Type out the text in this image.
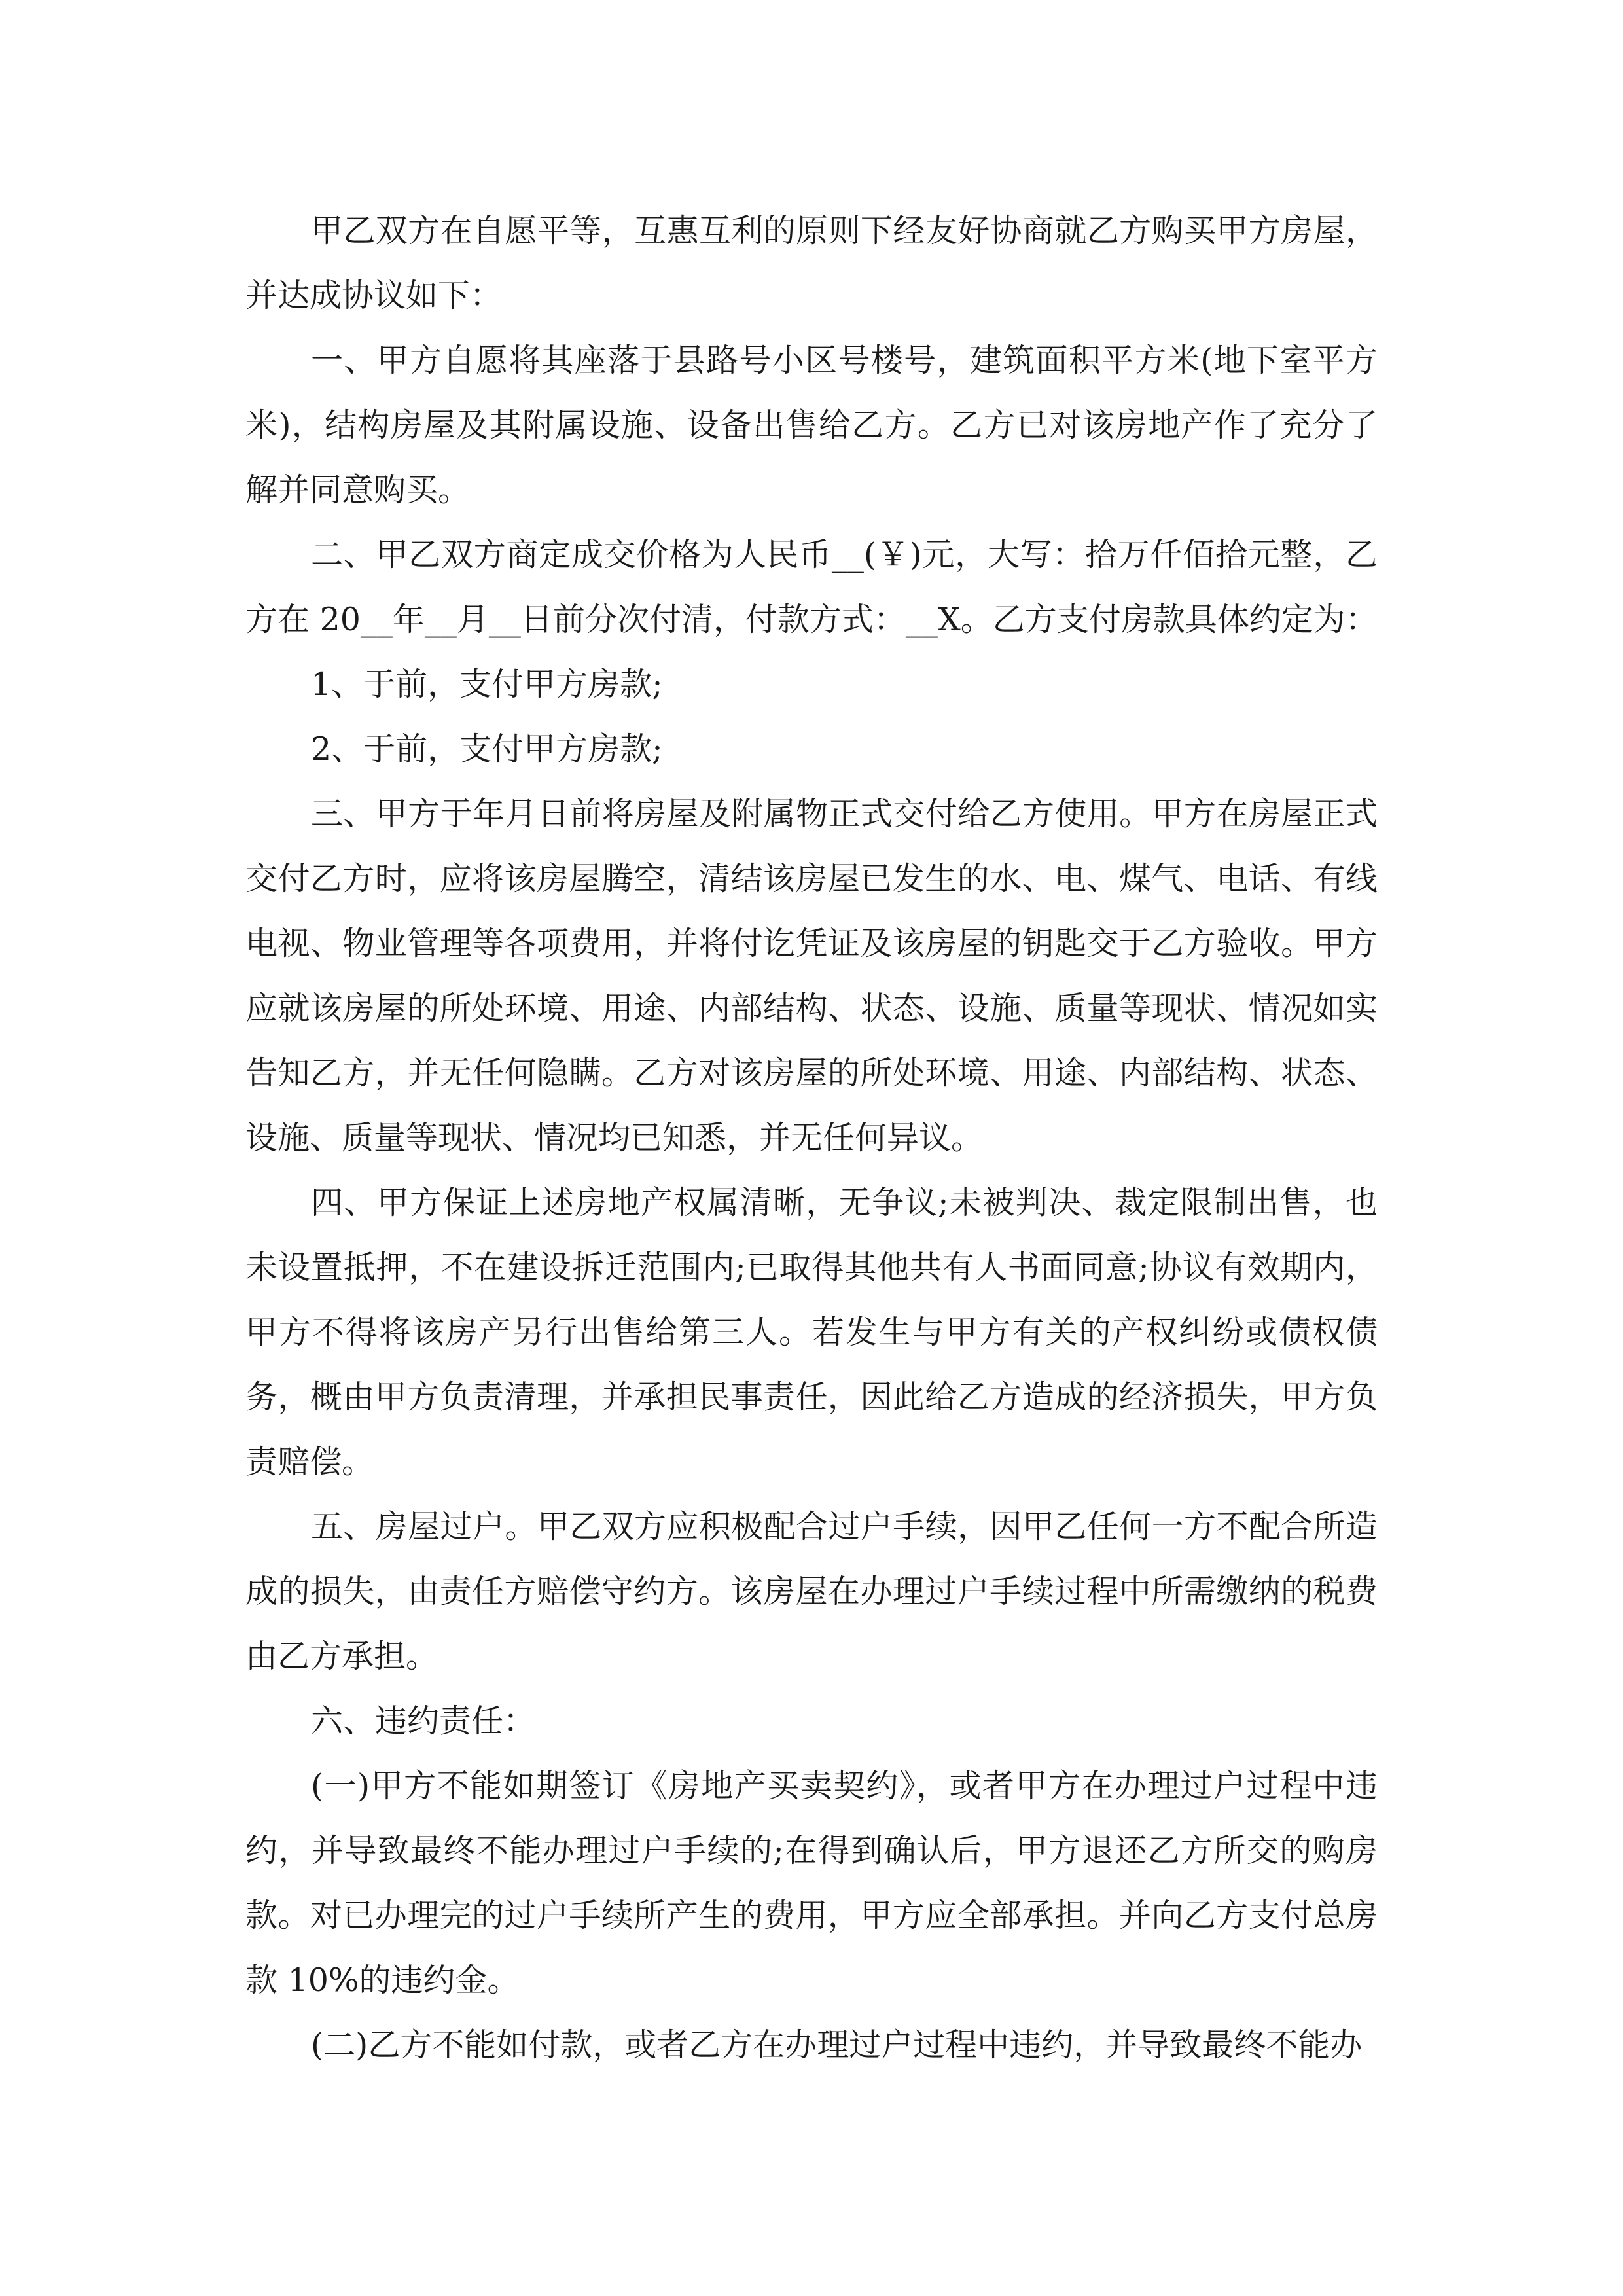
甲乙双方在自愿平等，互惠互利的原则下经友好协商就乙方购买甲方房屋，并达成协议如下：

一、甲方自愿将其座落于县路号小区号楼号，建筑面积平方米(地下室平方米)，结构房屋及其附属设施、设备出售给乙方。乙方已对该房地产作了充分了解并同意购买。

二、甲乙双方商定成交价格为人民币__(￥)元，大写：拾万仟佰拾元整，乙方在 20__年__月__日前分次付清，付款方式：__X。乙方支付房款具体约定为：

1、于前，支付甲方房款;

2、于前，支付甲方房款;

三、甲方于年月日前将房屋及附属物正式交付给乙方使用。甲方在房屋正式交付乙方时，应将该房屋腾空，清结该房屋已发生的水、电、煤气、电话、有线电视、物业管理等各项费用，并将付讫凭证及该房屋的钥匙交于乙方验收。甲方应就该房屋的所处环境、用途、内部结构、状态、设施、质量等现状、情况如实告知乙方，并无任何隐瞒。乙方对该房屋的所处环境、用途、内部结构、状态、设施、质量等现状、情况均已知悉，并无任何异议。

四、甲方保证上述房地产权属清晰，无争议;未被判决、裁定限制出售，也未设置抵押，不在建设拆迁范围内;已取得其他共有人书面同意;协议有效期内，甲方不得将该房产另行出售给第三人。若发生与甲方有关的产权纠纷或债权债务，概由甲方负责清理，并承担民事责任，因此给乙方造成的经济损失，甲方负责赔偿。

五、房屋过户。甲乙双方应积极配合过户手续，因甲乙任何一方不配合所造成的损失，由责任方赔偿守约方。该房屋在办理过户手续过程中所需缴纳的税费由乙方承担。

六、违约责任：

(一)甲方不能如期签订《房地产买卖契约》，或者甲方在办理过户过程中违约，并导致最终不能办理过户手续的;在得到确认后，甲方退还乙方所交的购房款。对已办理完的过户手续所产生的费用，甲方应全部承担。并向乙方支付总房款 10%的违约金。

(二)乙方不能如付款，或者乙方在办理过户过程中违约，并导致最终不能办
